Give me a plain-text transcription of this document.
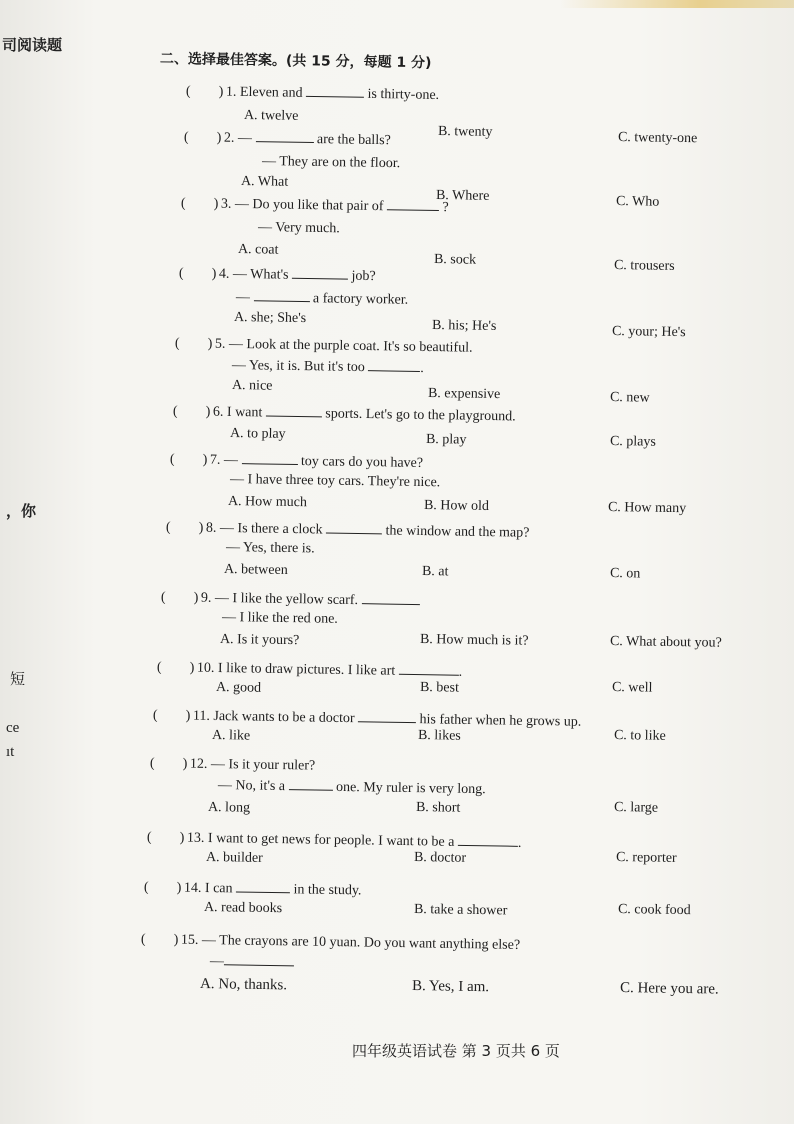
司阅读题
，你
短
ce
ıt
二、选择最佳答案。(共 15 分，每题 1 分)
(　　) 1. Eleven and	is thirty-one.
A. twelve
B. twenty	C. twenty-one
(　　) 2. —	are the balls?
— They are on the floor.
A. What
B. Where	C. Who
(　　) 3. — Do you like that pair of	?
— Very much.
A. coat
B. sock	C. trousers
(　　) 4. — What's	job?
—	a factory worker.
A. she; She's	B. his; He's	C. your; He's
(　　) 5. — Look at the purple coat. It's so beautiful.
— Yes, it is. But it's too	.
A. nice
B. expensive	C. new
(　　) 6. I want	sports. Let's go to the playground.
A. to play	B. play	C. plays
(　　) 7. —	toy cars do you have?
— I have three toy cars. They're nice.
A. How much	B. How old	C. How many
(　　) 8. — Is there a clock	the window and the map?
— Yes, there is.
A. between	B. at	C. on
(　　) 9. — I like the yellow scarf.
— I like the red one.
A. Is it yours?	B. How much is it?	C. What about you?
(　　) 10. I like to draw pictures. I like art	.
A. good	B. best	C. well
(　　) 11. Jack wants to be a doctor	his father when he grows up.
A. like	B. likes	C. to like
(　　) 12. — Is it your ruler?
— No, it's a	one. My ruler is very long.
A. long	B. short	C. large
(　　) 13. I want to get news for people. I want to be a	.
A. builder	B. doctor	C. reporter
(　　) 14. I can	in the study.
A. read books	B. take a shower	C. cook food
(　　) 15. — The crayons are 10 yuan. Do you want anything else?
—
A. No, thanks.	B. Yes, I am.	C. Here you are.
四年级英语试卷 第 3 页共 6 页
